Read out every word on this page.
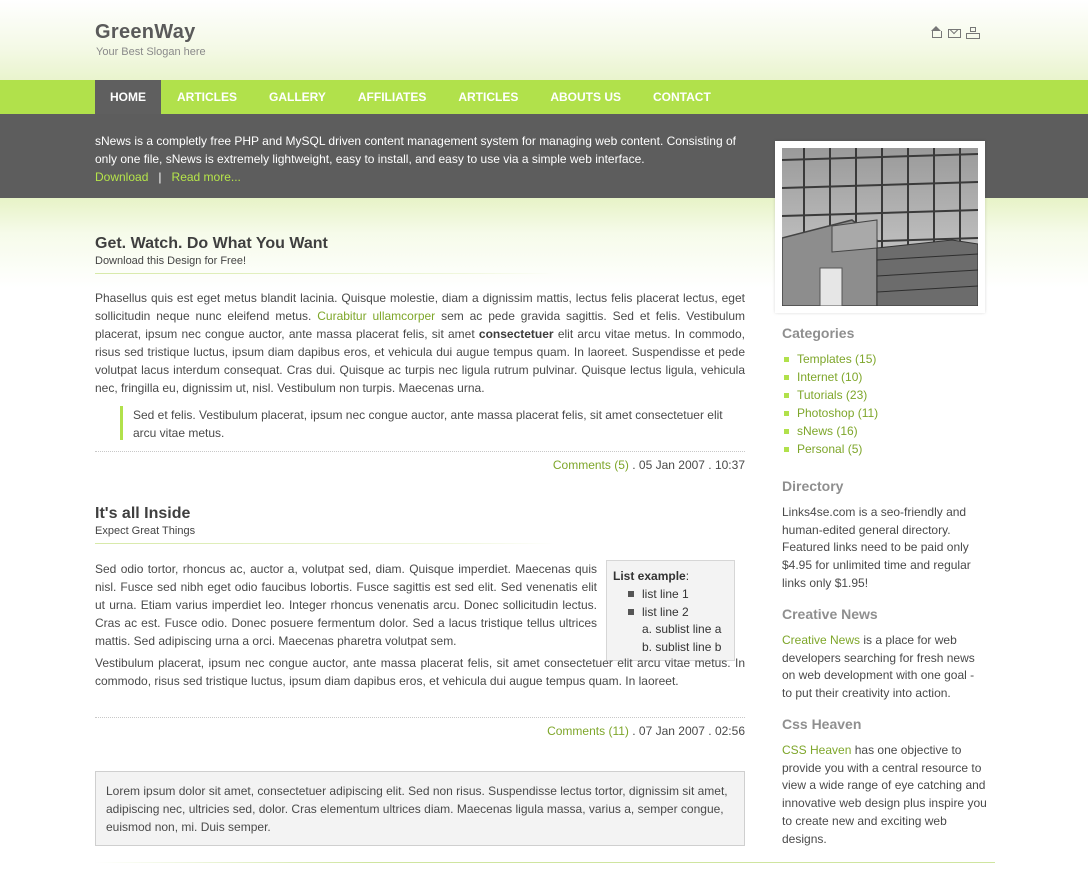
GreenWay
Your Best Slogan here
HOME	ARTICLES	GALLERY	AFFILIATES	ARTICLES	ABOUTS US	CONTACT
sNews is a completly free PHP and MySQL driven content management system for managing web content. Consisting of only one file, sNews is extremely lightweight, easy to install, and easy to use via a simple web interface.
Download | Read more...
Categories
Templates (15)
Internet (10)
Tutorials (23)
Photoshop (11)
sNews (16)
Personal (5)
Directory
Links4se.com is a seo-friendly and human-edited general directory. Featured links need to be paid only $4.95 for unlimited time and regular links only $1.95!
Creative News
Creative News is a place for web developers searching for fresh news on web development with one goal - to put their creativity into action.
Css Heaven
CSS Heaven has one objective to provide you with a central resource to view a wide range of eye catching and innovative web design plus inspire you to create new and exciting web designs.
Get. Watch. Do What You Want
Download this Design for Free!
Phasellus quis est eget metus blandit lacinia. Quisque molestie, diam a dignissim mattis, lectus felis placerat lectus, eget sollicitudin neque nunc eleifend metus. Curabitur ullamcorper sem ac pede gravida sagittis. Sed et felis. Vestibulum placerat, ipsum nec congue auctor, ante massa placerat felis, sit amet consectetuer elit arcu vitae metus. In commodo, risus sed tristique luctus, ipsum diam dapibus eros, et vehicula dui augue tempus quam. In laoreet. Suspendisse et pede volutpat lacus interdum consequat. Cras dui. Quisque ac turpis nec ligula rutrum pulvinar. Quisque lectus ligula, vehicula nec, fringilla eu, dignissim ut, nisl. Vestibulum non turpis. Maecenas urna.
Sed et felis. Vestibulum placerat, ipsum nec congue auctor, ante massa placerat felis, sit amet consectetuer elit arcu vitae metus.
Comments (5) . 05 Jan 2007 . 10:37
It's all Inside
Expect Great Things
Sed odio tortor, rhoncus ac, auctor a, volutpat sed, diam. Quisque imperdiet. Maecenas quis nisl. Fusce sed nibh eget odio faucibus lobortis. Fusce sagittis est sed elit. Sed venenatis elit ut urna. Etiam varius imperdiet leo. Integer rhoncus venenatis arcu. Donec sollicitudin lectus. Cras ac est. Fusce odio. Donec posuere fermentum dolor. Sed a lacus tristique tellus ultrices mattis. Sed adipiscing urna a orci. Maecenas pharetra volutpat sem.
List example:
list line 1
list line 2
a. sublist line a
b. sublist line b
Vestibulum placerat, ipsum nec congue auctor, ante massa placerat felis, sit amet consectetuer elit arcu vitae metus. In commodo, risus sed tristique luctus, ipsum diam dapibus eros, et vehicula dui augue tempus quam. In laoreet.
Comments (11) . 07 Jan 2007 . 02:56
Lorem ipsum dolor sit amet, consectetuer adipiscing elit. Sed non risus. Suspendisse lectus tortor, dignissim sit amet, adipiscing nec, ultricies sed, dolor. Cras elementum ultrices diam. Maecenas ligula massa, varius a, semper congue, euismod non, mi. Duis semper.
